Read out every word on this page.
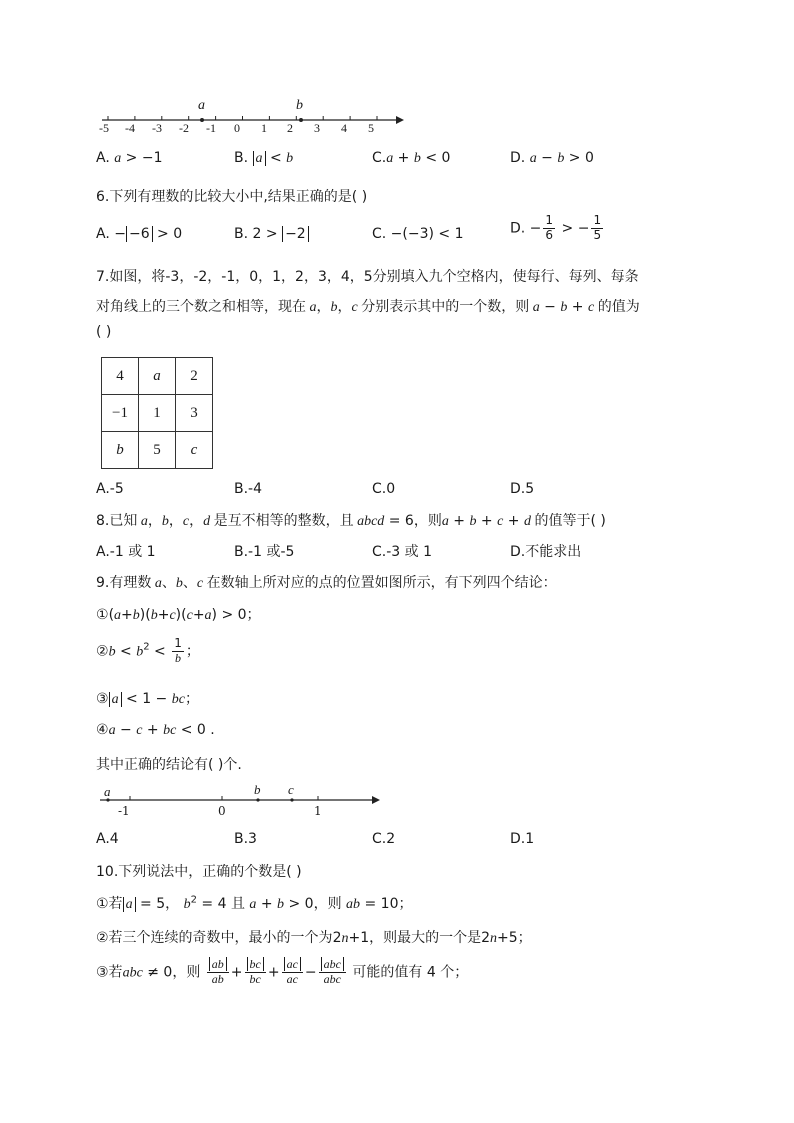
a	b
-5 -4 -3 -2 -1 0 1 2 3 4 5
A. a > −1	B. a < b	C.a + b < 0	D. a − b > 0
6.下列有理数的比较大小中,结果正确的是( )
A. − −6 > 0	B. 2 > −2	C. −(−3) < 1	D. − $\frac{1}{6}$ > − $\frac{1}{5}$
7.如图，将-3，-2，-1，0，1，2，3，4，5分别填入九个空格内，使每行、每列、每条
对角线上的三个数之和相等，现在 a，b，c 分别表示其中的一个数，则 a − b + c 的值为
( )
4	a	2
−1	1	3
b	5	c
A.-5	B.-4	C.0	D.5
8.已知 a，b，c，d 是互不相等的整数，且 abcd = 6，则a + b + c + d 的值等于( )
A.-1 或 1	B.-1 或-5	C.-3 或 1	D.不能求出
9.有理数 a、b、c 在数轴上所对应的点的位置如图所示，有下列四个结论：
①(a+b)(b+c)(c+a) > 0；
②b < $b^2 < \frac{1}{b}$ ；
③ a < 1 − bc；
④a − c + bc < 0 .
其中正确的结论有( )个.
a	b c
-1	0	1
A.4	B.3	C.2	D.1
10.下列说法中，正确的个数是( )
①若 a = 5， $b^2 = 4$ 且 a + b > 0，则 ab = 10；
②若三个连续的奇数中，最小的一个为2n+1，则最大的一个是2n+5；
③若abc ≠ 0，则 $\frac{ab}{ab} + \frac{bc}{bc} + \frac{ac}{ac} - \frac{\text{abc}}{\text{abc}}$ 可能的值有 4 个；
